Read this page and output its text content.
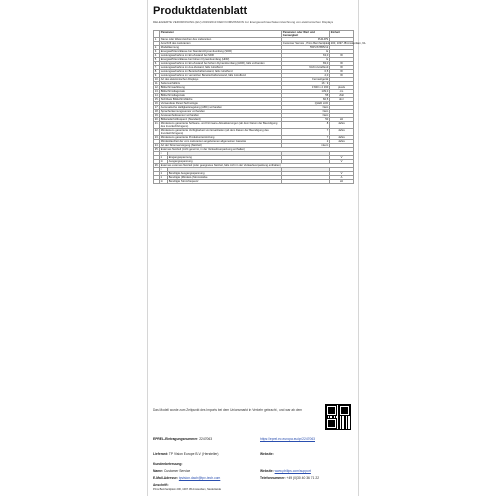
Produktdatenblatt
DELEGIERTE VERORDNUNG (EU) 2019/2013 DER KOMMISSION zur Energieverbrauchskennzeichnung von elektronischen Displays
	Parameter		Parameter oder Wert und Genauigkeit	Einheit
1.	Name oder Warenzeichen des Lieferanten		PHILIPS	
	Anschrift des Lieferanten		Customer Service , Prins Bernhardplein 200, 1097 JB Amsterdam, NL	
2.	Modellkennung		55PUS7855/12	
3.	Energieeffizienzklasse bei Standard-Dynamikumfang (SDR)		E	
4.	Leistungsaufnahme im Ein-Zustand bei SDR		63,0	W
5.	Energieeffizienzklasse bei hohem Dynamikumfang (HDR)		G	
6.	Leistungsaufnahme im Ein-Zustand bei hohem Dynamikumfang (HDR), falls vorhanden		83,0	W
7.	Leistungsaufnahme im Aus-Zustand, falls zutreffend		Nicht zutreffend	W
8.	Leistungsaufnahme im Bereitschaftszustand, falls zutreffend		0,5	W
9.	Leistungsaufnahme im vernetzten Bereitschaftszustand, falls zutreffend		2,0	W
10.	Art des elektronischen Displays		Fernsehgerät	
11.	Seitenverhältnis		16 : 9	
12.	Bildschirmauflösung		3 840 x 2 160	pixels
13.	Bildschirmdiagonale		139,0	cm
14.	Bildschirmdiagonale		55	Zoll
15.	Sichtbare Bildschirmfläche		82,5	dm²
16.	Verwendete Panel-Technologie		QLED LCD	
17.	Automatische Helligkeitsregelung (ABC) vorhanden		Nein	
18.	Spracherkennungssensor vorhanden		Nein	
19.	Anwesenheitssensor vorhanden		Nein	
20.	Bildwiederholfrequenz (Standard)		50	Hz
21.	Mindestens garantierte Software- und Firmware-Aktualisierungen (ab dem Datum der Beendigung des Inverkehrbringens)		8	Jahre
22.	Mindestens garantierte Verfügbarkeit von Ersatzteilen (ab dem Datum der Beendigung des Inverkehrbringens)		7	Jahre
23.	Mindestens garantierte Produktunterstützung		7	Jahre
	Mindestlaufzeit der vom Lieferanten angebotenen allgemeinen Garantie		2	Jahre
24.	Art der Stromversorgung (Netzteil)		intern	
25.	Externes Netzteil (nicht genormt, in der Verkaufsverpackung enthalten)			
	i			
	ii	Eingangsspannung		V
	iii	Ausgangsspannung		V
26.	Externes externes Netzteil (oder geeignetes Netzteil, falls nicht in der Verkaufsverpackung enthalten)			
	i			
	ii	Benötigte Ausgangsspannung		V
	ii	Benötigte (Mindest-)Stromstärke		A
	iii	Benötigte Stromfrequenz		Hz
Das Modell wurde zum Zeitpunkt des Imports bei dem Unionsmarkt in Verkehr gebracht , und war ab dem
EPREL-Eintragungsnummer: 2247063	https://eprel.ec.europa.eu/qr/2247063
Lieferant: TP Vision Europe B.V. (Hersteller)	Website:
Kundenbetreuung:
Name: Customer Service	Website: www.philips.com/support
E-Mail-Adresse: tpvision.dach@tpv-tech.com	Telefonnummer: +49 (0)30 40 36 71 22
Anschrift:
Prins Bernhardplein 200, 1097 JB Amsterdam, Niederlande
